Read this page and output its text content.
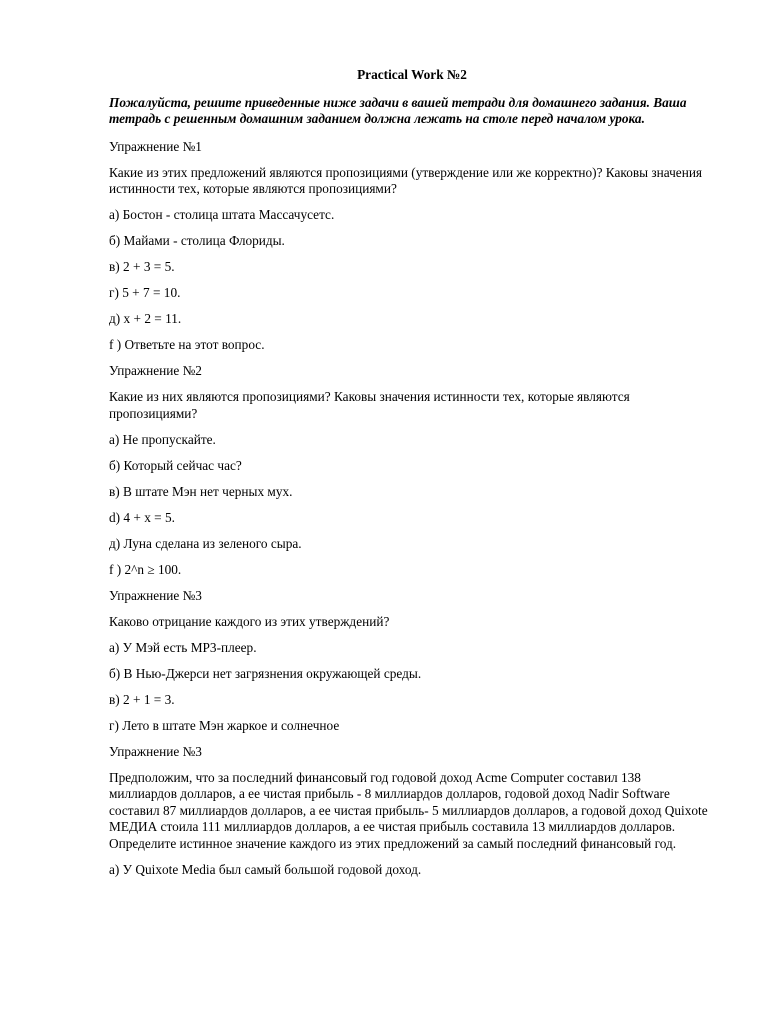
Practical Work №2
Пожалуйста, решите приведенные ниже задачи в вашей тетради для домашнего задания. Ваша тетрадь с решенным домашним заданием должна лежать на столе перед началом урока.

Упражнение №1

Какие из этих предложений являются пропозициями (утверждение или же корректно)? Каковы значения истинности тех, которые являются пропозициями?

а) Бостон - столица штата Массачусетс.

б) Майами - столица Флориды.

в) 2 + 3 = 5.

г) 5 + 7 = 10.

д) x + 2 = 11.

f ) Ответьте на этот вопрос.

Упражнение №2

Какие из них являются пропозициями? Каковы значения истинности тех, которые являются пропозициями?

а) Не пропускайте.

б) Который сейчас час?

в) В штате Мэн нет черных мух.

d) 4 + x = 5.

д) Луна сделана из зеленого сыра.

f ) 2^n ≥ 100.

Упражнение №3

Каково отрицание каждого из этих утверждений?

а) У Мэй есть MP3-плеер.

б) В Нью-Джерси нет загрязнения окружающей среды.

в) 2 + 1 = 3.

г) Лето в штате Мэн жаркое и солнечное

Упражнение №3

Предположим, что за последний финансовый год годовой доход Acme Computer составил 138 миллиардов долларов, а ее чистая прибыль - 8 миллиардов долларов, годовой доход Nadir Software составил 87 миллиардов долларов, а ее чистая прибыль- 5 миллиардов долларов, а годовой доход Quixote МЕДИА стоила 111 миллиардов долларов, а ее чистая прибыль составила 13 миллиардов долларов. Определите истинное значение каждого из этих предложений за самый последний финансовый год.

а) У Quixote Media был самый большой годовой доход.
